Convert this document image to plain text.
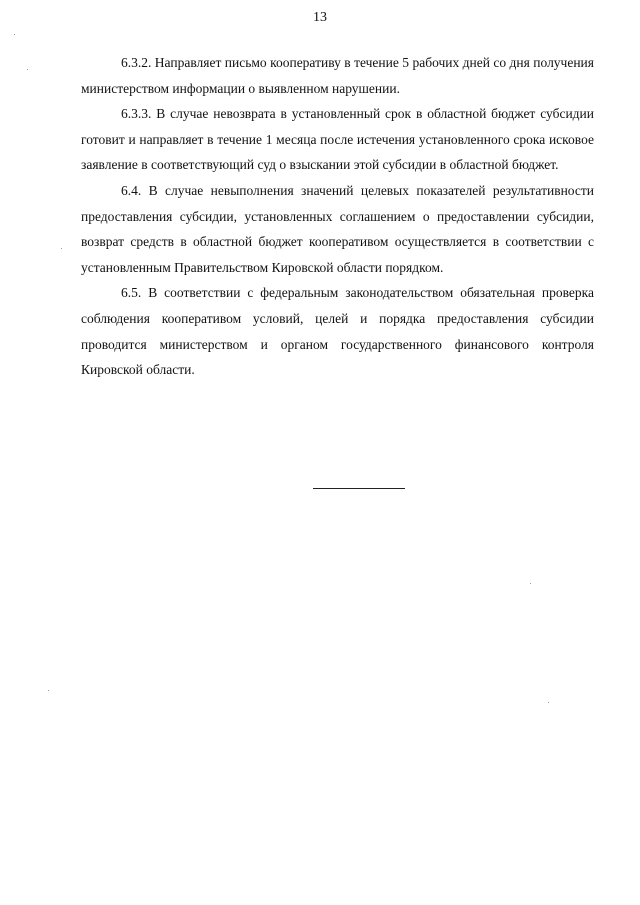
13

6.3.2. Направляет письмо кооперативу в течение 5 рабочих дней со дня получения министерством информации о выявленном нарушении.

6.3.3. В случае невозврата в установленный срок в областной бюджет субсидии готовит и направляет в течение 1 месяца после истечения установленного срока исковое заявление в соответствующий суд о взыскании этой субсидии в областной бюджет.

6.4. В случае невыполнения значений целевых показателей результативности предоставления субсидии, установленных соглашением о предоставлении субсидии, возврат средств в областной бюджет кооперативом осуществляется в соответствии с установленным Правительством Кировской области порядком.

6.5. В соответствии с федеральным законодательством обязательная проверка соблюдения кооперативом условий, целей и порядка предоставления субсидии проводится министерством и органом государственного финансового контроля Кировской области.
